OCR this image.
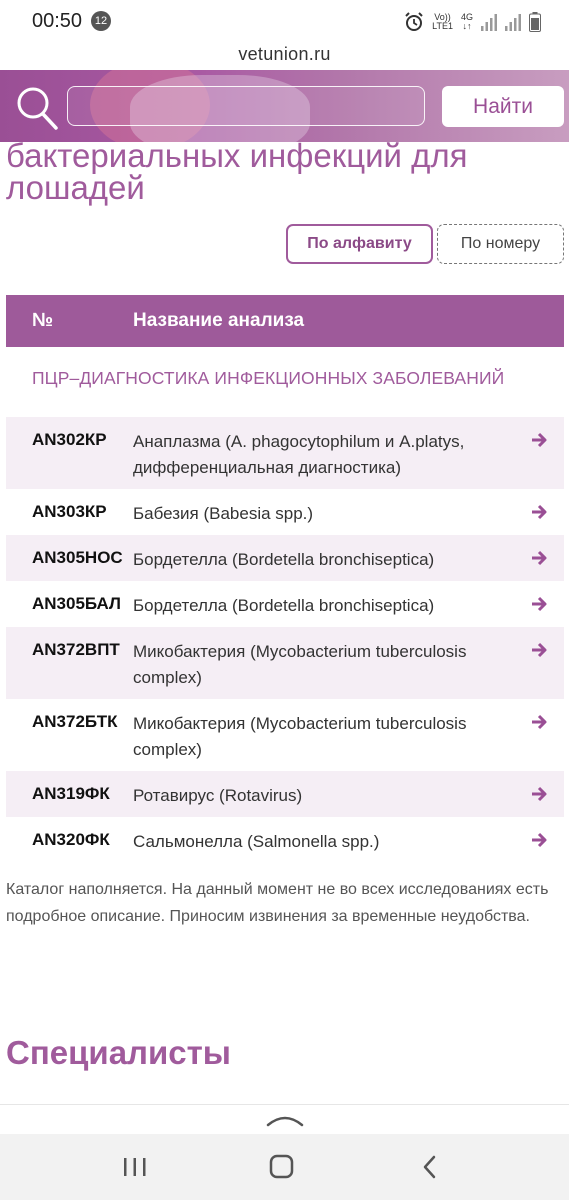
00:50	12	Vo))
LTE1
4G
↓↑
vetunion.ru
Найти
бактериальных инфекций для лошадей
По алфавиту	По номеру
№	Название анализа
ПЦР–ДИАГНОСТИКА ИНФЕКЦИОННЫХ ЗАБОЛЕВАНИЙ
AN302КР Анаплазма (A. phagocytophilum и A.platys, дифференциальная диагностика)
AN303КР Бабезия (Babesia spp.)
AN305НОС Бордетелла (Bordetella bronchiseptica)
AN305БАЛ Бордетелла (Bordetella bronchiseptica)
AN372ВПТ Микобактерия (Mycobacterium tuberculosis complex)
AN372БТК Микобактерия (Mycobacterium tuberculosis complex)
AN319ФК Ротавирус (Rotavirus)
AN320ФК Сальмонелла (Salmonella spp.)

Каталог наполняется. На данный момент не во всех исследованиях есть подробное описание. Приносим извинения за временные неудобства.

Специалисты
